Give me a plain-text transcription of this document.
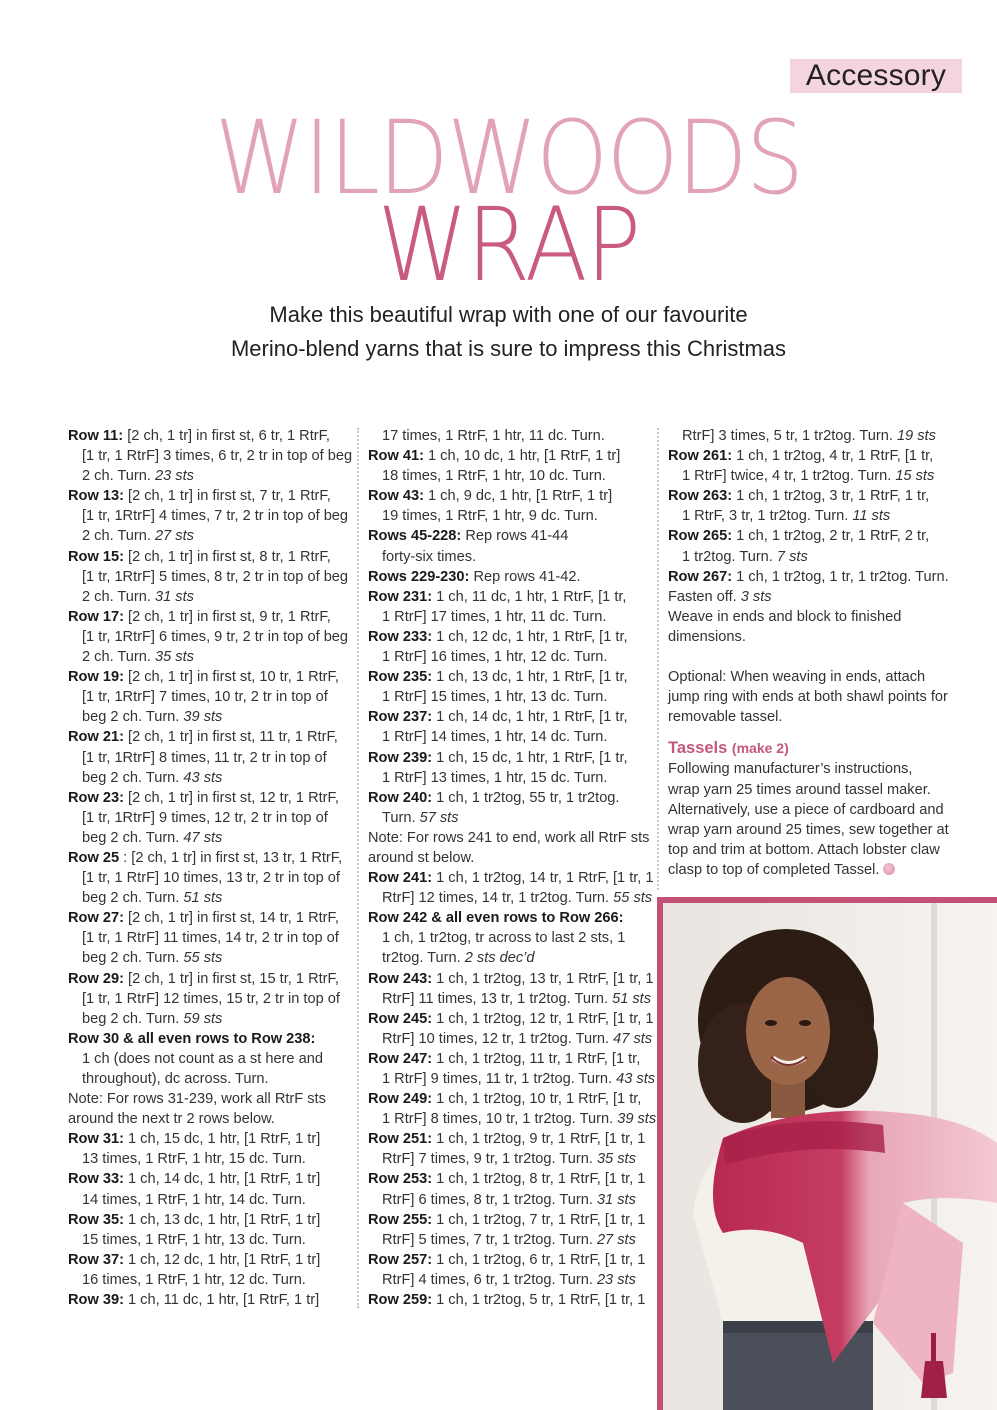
Accessory
WILDWOODS
WRAP
Make this beautiful wrap with one of our favourite
Merino-blend yarns that is sure to impress this Christmas
Row 11: [2 ch, 1 tr] in first st, 6 tr, 1 RtrF,
[1 tr, 1 RtrF] 3 times, 6 tr, 2 tr in top of beg
2 ch. Turn. 23 sts
Row 13: [2 ch, 1 tr] in first st, 7 tr, 1 RtrF,
[1 tr, 1RtrF] 4 times, 7 tr, 2 tr in top of beg
2 ch. Turn. 27 sts
Row 15: [2 ch, 1 tr] in first st, 8 tr, 1 RtrF,
[1 tr, 1RtrF] 5 times, 8 tr, 2 tr in top of beg
2 ch. Turn. 31 sts
Row 17: [2 ch, 1 tr] in first st, 9 tr, 1 RtrF,
[1 tr, 1RtrF] 6 times, 9 tr, 2 tr in top of beg
2 ch. Turn. 35 sts
Row 19: [2 ch, 1 tr] in first st, 10 tr, 1 RtrF,
[1 tr, 1RtrF] 7 times, 10 tr, 2 tr in top of
beg 2 ch. Turn. 39 sts
Row 21: [2 ch, 1 tr] in first st, 11 tr, 1 RtrF,
[1 tr, 1RtrF] 8 times, 11 tr, 2 tr in top of
beg 2 ch. Turn. 43 sts
Row 23: [2 ch, 1 tr] in first st, 12 tr, 1 RtrF,
[1 tr, 1RtrF] 9 times, 12 tr, 2 tr in top of
beg 2 ch. Turn. 47 sts
Row 25 : [2 ch, 1 tr] in first st, 13 tr, 1 RtrF,
[1 tr, 1 RtrF] 10 times, 13 tr, 2 tr in top of
beg 2 ch. Turn. 51 sts
Row 27: [2 ch, 1 tr] in first st, 14 tr, 1 RtrF,
[1 tr, 1 RtrF] 11 times, 14 tr, 2 tr in top of
beg 2 ch. Turn. 55 sts
Row 29: [2 ch, 1 tr] in first st, 15 tr, 1 RtrF,
[1 tr, 1 RtrF] 12 times, 15 tr, 2 tr in top of
beg 2 ch. Turn. 59 sts
Row 30 & all even rows to Row 238:
1 ch (does not count as a st here and
throughout), dc across. Turn.
Note: For rows 31-239, work all RtrF sts
around the next tr 2 rows below.
Row 31: 1 ch, 15 dc, 1 htr, [1 RtrF, 1 tr]
13 times, 1 RtrF, 1 htr, 15 dc. Turn.
Row 33: 1 ch, 14 dc, 1 htr, [1 RtrF, 1 tr]
14 times, 1 RtrF, 1 htr, 14 dc. Turn.
Row 35: 1 ch, 13 dc, 1 htr, [1 RtrF, 1 tr]
15 times, 1 RtrF, 1 htr, 13 dc. Turn.
Row 37: 1 ch, 12 dc, 1 htr, [1 RtrF, 1 tr]
16 times, 1 RtrF, 1 htr, 12 dc. Turn.
Row 39: 1 ch, 11 dc, 1 htr, [1 RtrF, 1 tr]
17 times, 1 RtrF, 1 htr, 11 dc. Turn.
Row 41: 1 ch, 10 dc, 1 htr, [1 RtrF, 1 tr]
18 times, 1 RtrF, 1 htr, 10 dc. Turn.
Row 43: 1 ch, 9 dc, 1 htr, [1 RtrF, 1 tr]
19 times, 1 RtrF, 1 htr, 9 dc. Turn.
Rows 45-228: Rep rows 41-44
forty-six times.
Rows 229-230: Rep rows 41-42.
Row 231: 1 ch, 11 dc, 1 htr, 1 RtrF, [1 tr,
1 RtrF] 17 times, 1 htr, 11 dc. Turn.
Row 233: 1 ch, 12 dc, 1 htr, 1 RtrF, [1 tr,
1 RtrF] 16 times, 1 htr, 12 dc. Turn.
Row 235: 1 ch, 13 dc, 1 htr, 1 RtrF, [1 tr,
1 RtrF] 15 times, 1 htr, 13 dc. Turn.
Row 237: 1 ch, 14 dc, 1 htr, 1 RtrF, [1 tr,
1 RtrF] 14 times, 1 htr, 14 dc. Turn.
Row 239: 1 ch, 15 dc, 1 htr, 1 RtrF, [1 tr,
1 RtrF] 13 times, 1 htr, 15 dc. Turn.
Row 240: 1 ch, 1 tr2tog, 55 tr, 1 tr2tog.
Turn. 57 sts
Note: For rows 241 to end, work all RtrF sts
around st below.
Row 241: 1 ch, 1 tr2tog, 14 tr, 1 RtrF, [1 tr, 1
RtrF] 12 times, 14 tr, 1 tr2tog. Turn. 55 sts
Row 242 & all even rows to Row 266:
1 ch, 1 tr2tog, tr across to last 2 sts, 1
tr2tog. Turn. 2 sts dec’d
Row 243: 1 ch, 1 tr2tog, 13 tr, 1 RtrF, [1 tr, 1
RtrF] 11 times, 13 tr, 1 tr2tog. Turn. 51 sts
Row 245: 1 ch, 1 tr2tog, 12 tr, 1 RtrF, [1 tr, 1
RtrF] 10 times, 12 tr, 1 tr2tog. Turn. 47 sts
Row 247: 1 ch, 1 tr2tog, 11 tr, 1 RtrF, [1 tr,
1 RtrF] 9 times, 11 tr, 1 tr2tog. Turn. 43 sts
Row 249: 1 ch, 1 tr2tog, 10 tr, 1 RtrF, [1 tr,
1 RtrF] 8 times, 10 tr, 1 tr2tog. Turn. 39 sts
Row 251: 1 ch, 1 tr2tog, 9 tr, 1 RtrF, [1 tr, 1
RtrF] 7 times, 9 tr, 1 tr2tog. Turn. 35 sts
Row 253: 1 ch, 1 tr2tog, 8 tr, 1 RtrF, [1 tr, 1
RtrF] 6 times, 8 tr, 1 tr2tog. Turn. 31 sts
Row 255: 1 ch, 1 tr2tog, 7 tr, 1 RtrF, [1 tr, 1
RtrF] 5 times, 7 tr, 1 tr2tog. Turn. 27 sts
Row 257: 1 ch, 1 tr2tog, 6 tr, 1 RtrF, [1 tr, 1
RtrF] 4 times, 6 tr, 1 tr2tog. Turn. 23 sts
Row 259: 1 ch, 1 tr2tog, 5 tr, 1 RtrF, [1 tr, 1
RtrF] 3 times, 5 tr, 1 tr2tog. Turn. 19 sts
Row 261: 1 ch, 1 tr2tog, 4 tr, 1 RtrF, [1 tr,
1 RtrF] twice, 4 tr, 1 tr2tog. Turn. 15 sts
Row 263: 1 ch, 1 tr2tog, 3 tr, 1 RtrF, 1 tr,
1 RtrF, 3 tr, 1 tr2tog. Turn. 11 sts
Row 265: 1 ch, 1 tr2tog, 2 tr, 1 RtrF, 2 tr,
1 tr2tog. Turn. 7 sts
Row 267: 1 ch, 1 tr2tog, 1 tr, 1 tr2tog. Turn.
Fasten off. 3 sts
Weave in ends and block to finished
dimensions.
Optional: When weaving in ends, attach
jump ring with ends at both shawl points for
removable tassel.
Tassels (make 2)
Following manufacturer’s instructions,
wrap yarn 25 times around tassel maker.
Alternatively, use a piece of cardboard and
wrap yarn around 25 times, sew together at
top and trim at bottom. Attach lobster claw
clasp to top of completed Tassel.
